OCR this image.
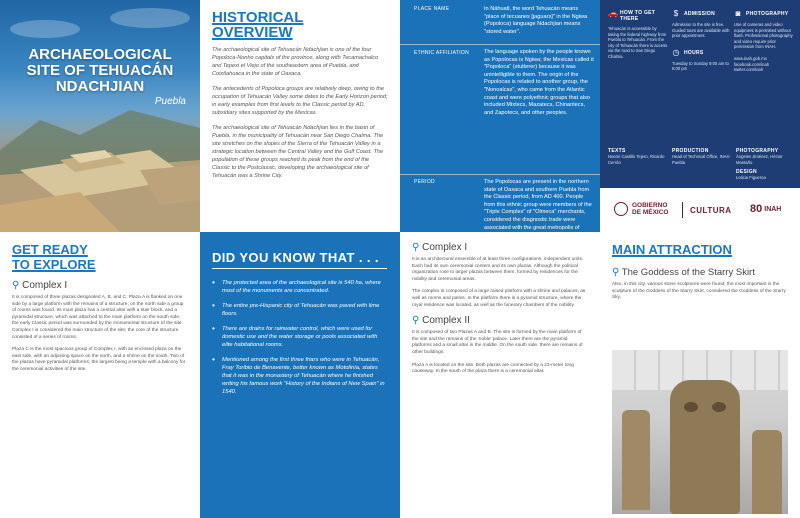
ARCHAEOLOGICAL
SITE OF TEHUACÁN
NDACHJIAN
Puebla
HISTORICAL
OVERVIEW

The archaeological site of Tehuacán Ndachjian is one of the four Popoloca-Nonho capitals of the province, along with Tecamachalco and Tepexi el Viejo of the southeastern area of Puebla, and Coixtlahuaca in the state of Oaxaca.

The antecedents of Popoloca groups are relatively deep, owing to the occupation of Tehuacán Valley some dates to the Early Horizon period; in early examples from first levels to the Classic period by AD, subsidiary sites supported by the Mexicas.

The archaeological site of Tehuacán Ndachjian lies in the basin of Puebla, in the municipality of Tehuacán near San Diego Chalma. The site stretches on the slopes of the Sierra of the Tehuacán Valley in a strategic location between the Central Valley and the Gulf Coast. The population of these groups reached its peak from the end of the Classic to the Postclassic, developing the archaeological site of Tehuacán was a Shrine City.

PLACE NAME	In Náhuatl, the word Tehuacán means "place of tecuanes [jaguars]" in the Ngiwa (Popoloca) language Ndachjian means "stored water".
ETHNIC AFFILIATION	The language spoken by the people known as Popolocas is Ngiwa; the Mexicas called it "Popoloca" (stutterer) because it was unintelligible to them. The origin of the Popolocas is related to another group, the "Nonoalcas", who came from the Atlantic coast and were polyethnic groups that also included Mixtecs, Mazatecs, Chinantecs, and Zapotecs, and other peoples.
PERIOD	The Popolocas are present in the northern state of Oaxaca and southern Puebla from the Classic period, from AD 400. People from this ethnic group were members of the "Triple Complex" of "Olmeca" merchants, considered the diagnostic trade were associated with the great metropolis of
🚗 HOW TO GET THERE
Tehuacán is accessible by taking the federal highway from Puebla to Tehuacán. From the city of Tehuacán there is access via the road to San Diego Chalma.
$	ADMISSION
Admission to the site is free. Guided tours are available with prior appointment.
◷ HOURS
Tuesday to Sunday 9:00 am to 5:00 pm
◙	PHOTOGRAPHY
Use of cameras and video equipment is permitted without flash. Professional photography and video require prior permission from INAH.
www.inah.gob.mx facebook.com/inah twitter.com/inah
TEXTS
Noemí Castillo Tejero, Ricardo Cerrón
PRODUCTION
Head of Technical Office, INAH Puebla
PHOTOGRAPHY
Ángeles Jiménez, Héctor Montaño
DESIGN
Leticia Figueroa
GOBIERNO DE MÉXICO	CULTURA 80 INAH
GET READY
TO EXPLORE
⚲ Complex I

It is composed of three plazas designated A, B, and C. Plaza A is flanked on one side by a large platform with the remains of a structure; on the north side a group of rooms was found. Its main plaza has a central altar with a stair block, and a pyramidal structure, which was attached to the main platform on the south side, the early Classic period was surrounded by the monumental structure of the site. Complex I is considered the main structure of the site; the core of the structure consisted of a series of rooms.

Plaza C is the most spacious group of Complex I, with an enclosed plaza on the east side, with an adjoining space on the north, and a shrine on the south. Two of the plazas have pyramidal platforms; the largest being a temple with a balcony for the ceremonial activities of the site.

DID YOU KNOW THAT . . .
• The protected area of the archaeological site is 540 ha, where most of the monuments are concentrated.
• The entire pre-Hispanic city of Tehuacán was paved with lime floors.
• There are drains for rainwater control, which were used for domestic use and the water storage or pools associated with elite habitational rooms.
• Mentioned among the first three friars who were in Tehuacán, Fray Toribio de Benavente, better known as Motolinía, states that it was in the monastery of Tehuacán where he finished writing his famous work "History of the Indians of New Spain" in 1540.
⚲ Complex I

It is an architectural ensemble of at least three configurations, independent units. Each had its own ceremonial centers and its own plazas. Although the political organization rose to larger plazas between them, formed by residences for the nobility and ceremonial areas.

The complex is composed of a large raised platform with a shrine and palaces, as well as rooms and patios. In the platform there is a pyramid structure, where the royal residence was located, as well as the funerary chambers of the nobility.

⚲ Complex II

It is composed of two Plazas A and B. The site is formed by the main platform of the site and the remains of the 'noble' palace. Later there are the pyramid platforms and a small altar in the middle. On the south side, there are remains of other buildings.

Plaza A is located on the site. Both plazas are connected by a 23-meter long causeway. In the south of the plaza there is a ceremonial altar.

MAIN ATTRACTION
⚲ The Goddess of the Starry Skirt

Also, in this city, various stone sculptures were found; the most important is the sculpture of the Goddess of the Starry Skirt, considered the Goddess of the Starry Sky.
